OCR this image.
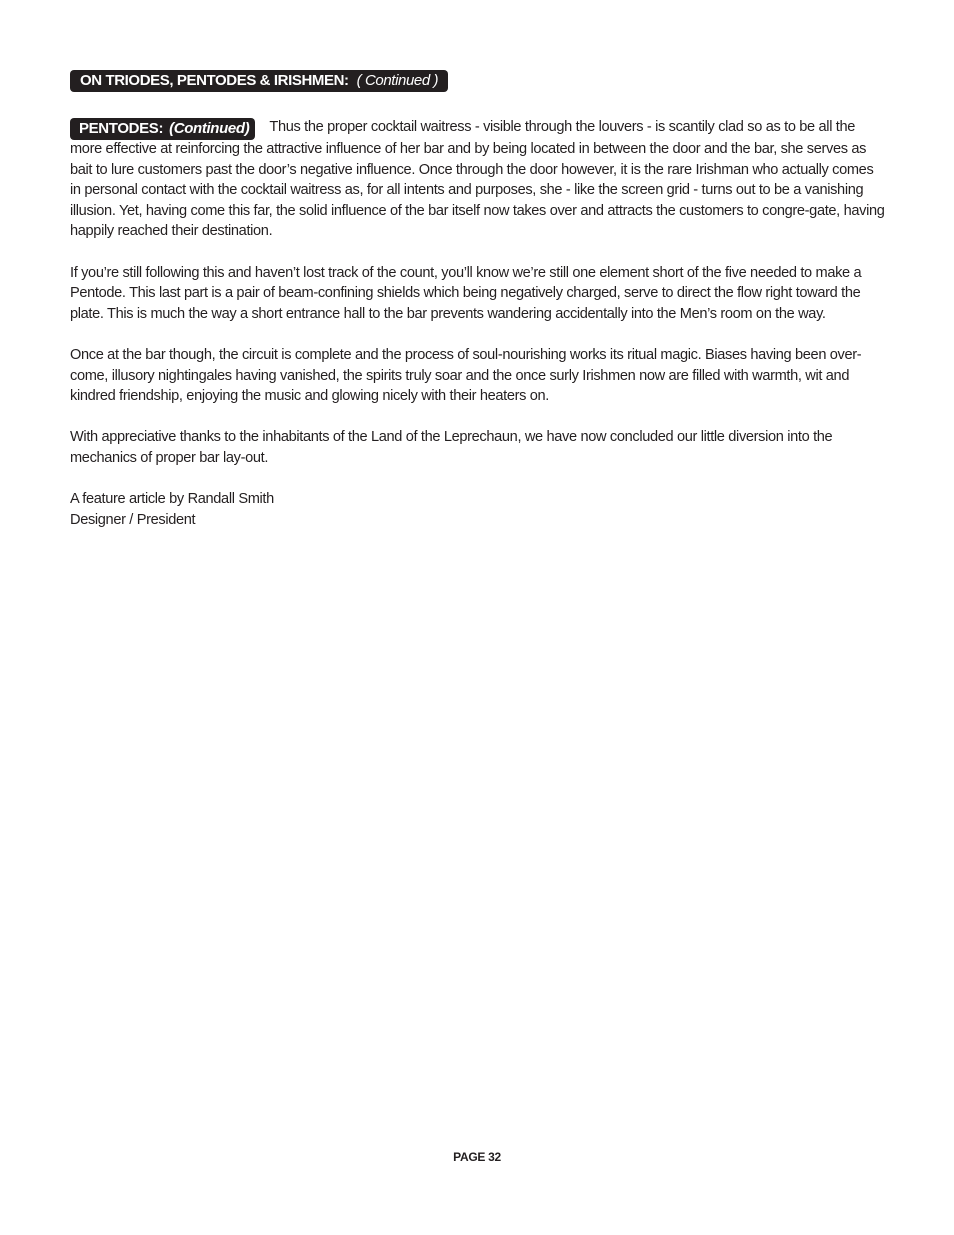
ON TRIODES, PENTODES & IRISHMEN: ( Continued )

PENTODES: (Continued) Thus the proper cocktail waitress - visible through the louvers - is scantily clad so as to be all the more effective at reinforcing the attractive influence of her bar and by being located in between the door and the bar, she serves as bait to lure customers past the door’s negative influence. Once through the door however, it is the rare Irishman who actually comes in personal contact with the cocktail waitress as, for all intents and purposes, she - like the screen grid - turns out to be a vanishing illusion. Yet, having come this far, the solid influence of the bar itself now takes over and attracts the customers to congre-gate, having happily reached their destination.

If you’re still following this and haven’t lost track of the count, you’ll know we’re still one element short of the five needed to make a Pentode. This last part is a pair of beam-confining shields which being negatively charged, serve to direct the flow right toward the plate. This is much the way a short entrance hall to the bar prevents wandering accidentally into the Men’s room on the way.

Once at the bar though, the circuit is complete and the process of soul-nourishing works its ritual magic. Biases having been over-come, illusory nightingales having vanished, the spirits truly soar and the once surly Irishmen now are filled with warmth, wit and kindred friendship, enjoying the music and glowing nicely with their heaters on.

With appreciative thanks to the inhabitants of the Land of the Leprechaun, we have now concluded our little diversion into the mechanics of proper bar lay-out.

A feature article by Randall Smith

Designer / President

PAGE 32
